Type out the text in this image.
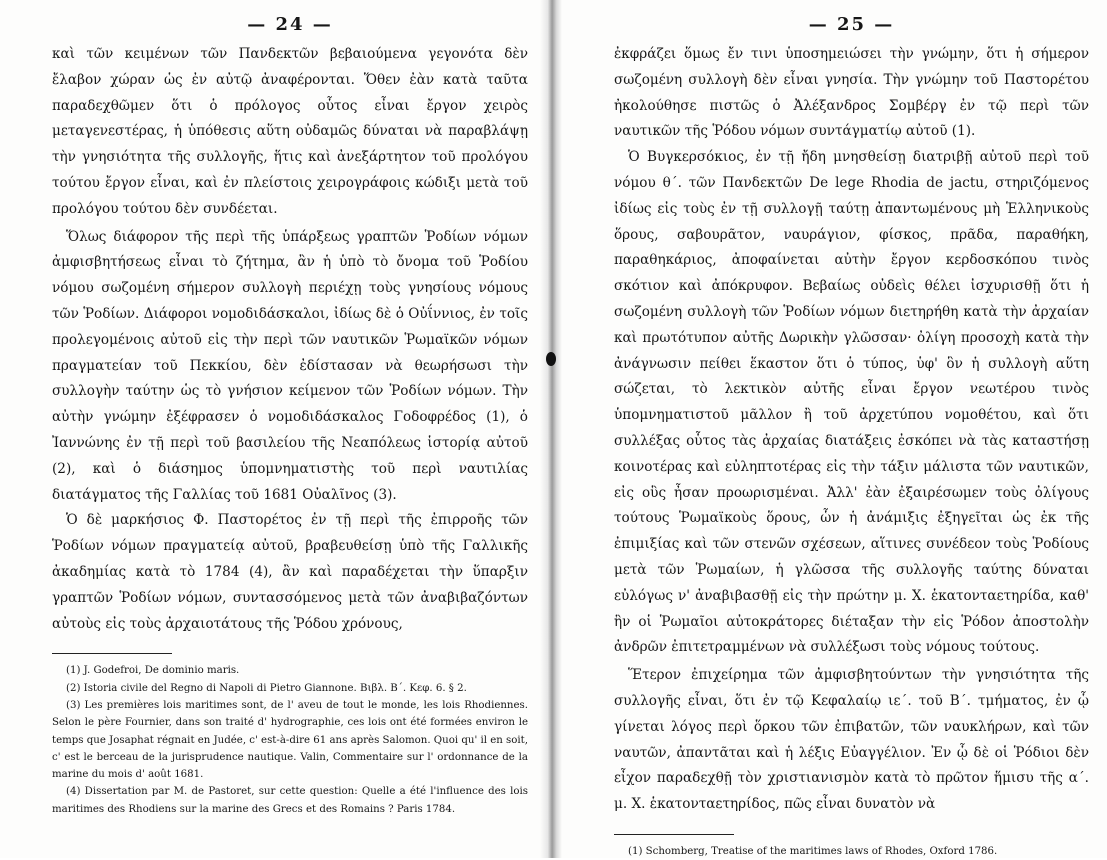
— 24 —

καὶ τῶν κειμένων τῶν Πανδεκτῶν βεβαιούμενα γεγονότα δὲν ἔλαβον χώραν ὡς ἐν αὐτῷ ἀναφέρονται. Ὅθεν ἐὰν κατὰ ταῦτα παραδεχθῶμεν ὅτι ὁ πρόλογος οὗτος εἶναι ἔργον χειρὸς μεταγενεστέρας, ἡ ὑπόθεσις αὕτη οὐδαμῶς δύναται νὰ παραβλάψῃ τὴν γνησιότητα τῆς συλλογῆς, ἥτις καὶ ἀνεξάρτητον τοῦ προλόγου τούτου ἔργον εἶναι, καὶ ἐν πλείστοις χειρογράφοις κώδιξι μετὰ τοῦ προλόγου τούτου δὲν συνδέεται.

Ὅλως διάφορον τῆς περὶ τῆς ὑπάρξεως γραπτῶν Ῥοδίων νόμων ἀμφισβητήσεως εἶναι τὸ ζήτημα, ἂν ἡ ὑπὸ τὸ ὄνομα τοῦ Ῥοδίου νόμου σωζομένη σήμερον συλλογὴ περιέχῃ τοὺς γνησίους νόμους τῶν Ῥοδίων. Διάφοροι νομοδιδάσκαλοι, ἰδίως δὲ ὁ Οὐΐννιος, ἐν τοῖς προλεγομένοις αὐτοῦ εἰς τὴν περὶ τῶν ναυτικῶν Ῥωμαϊκῶν νόμων πραγματείαν τοῦ Πεκκίου, δὲν ἐδίστασαν νὰ θεωρήσωσι τὴν συλλογὴν ταύτην ὡς τὸ γνήσιον κείμενον τῶν Ῥοδίων νόμων. Τὴν αὐτὴν γνώμην ἐξέφρασεν ὁ νομοδιδάσκαλος Γοδοφρέδος (1), ὁ Ἰαννώνης ἐν τῇ περὶ τοῦ βασιλείου τῆς Νεαπόλεως ἱστορίᾳ αὐτοῦ (2), καὶ ὁ διάσημος ὑπομνηματιστὴς τοῦ περὶ ναυτιλίας διατάγματος τῆς Γαλλίας τοῦ 1681 Οὐαλῖνος (3).

Ὁ δὲ μαρκήσιος Φ. Παστορέτος ἐν τῇ περὶ τῆς ἐπιρροῆς τῶν Ῥοδίων νόμων πραγματείᾳ αὐτοῦ, βραβευθείσῃ ὑπὸ τῆς Γαλλικῆς ἀκαδημίας κατὰ τὸ 1784 (4), ἂν καὶ παραδέχεται τὴν ὕπαρξιν γραπτῶν Ῥοδίων νόμων, συντασσόμενος μετὰ τῶν ἀναβιβαζόντων αὐτοὺς εἰς τοὺς ἀρχαιοτάτους τῆς Ῥόδου χρόνους,

(1) J. Godefroi, De dominio maris.

(2) Istoria civile del Regno di Napoli di Pietro Giannone. Βιβλ. Β΄. Κεφ. 6. § 2.

(3) Les premières lois maritimes sont, de l' aveu de tout le monde, les lois Rhodiennes. Selon le père Fournier, dans son traité d' hydrographie, ces lois ont été formées environ le temps que Josaphat régnait en Judée, c' est-à-dire 61 ans après Salomon. Quoi qu' il en soit, c' est le berceau de la jurisprudence nautique. Valin, Commentaire sur l' ordonnance de la marine du mois d' août 1681.

(4) Dissertation par M. de Pastoret, sur cette question: Quelle a été l'influence des lois maritimes des Rhodiens sur la marine des Grecs et des Romains ? Paris 1784.

— 25 —

ἐκφράζει ὅμως ἔν τινι ὑποσημειώσει τὴν γνώμην, ὅτι ἡ σήμερον σωζομένη συλλογὴ δὲν εἶναι γνησία. Τὴν γνώμην τοῦ Παστορέτου ἠκολούθησε πιστῶς ὁ Ἀλέξανδρος Σομβέργ ἐν τῷ περὶ τῶν ναυτικῶν τῆς Ῥόδου νόμων συντάγματίῳ αὐτοῦ (1).

Ὁ Βυγκερσόκιος, ἐν τῇ ἤδη μνησθείσῃ διατριβῇ αὐτοῦ περὶ τοῦ νόμου θ΄. τῶν Πανδεκτῶν De lege Rhodia de jactu, στηριζόμενος ἰδίως εἰς τοὺς ἐν τῇ συλλογῇ ταύτῃ ἀπαντωμένους μὴ Ἑλληνικοὺς ὅρους, σαβουρᾶτον, ναυράγιον, φίσκος, πρᾶδα, παραθήκη, παραθηκάριος, ἀποφαίνεται αὐτὴν ἔργον κερδοσκόπου τινὸς σκότιον καὶ ἀπόκρυφον. Βεβαίως οὐδεὶς θέλει ἰσχυρισθῇ ὅτι ἡ σωζομένη συλλογὴ τῶν Ῥοδίων νόμων διετηρήθη κατὰ τὴν ἀρχαίαν καὶ πρωτότυπον αὐτῆς Δωρικὴν γλῶσσαν· ὀλίγη προσοχὴ κατὰ τὴν ἀνάγνωσιν πείθει ἕκαστον ὅτι ὁ τύπος, ὑφ' ὃν ἡ συλλογὴ αὕτη σώζεται, τὸ λεκτικὸν αὐτῆς εἶναι ἔργον νεωτέρου τινὸς ὑπομνηματιστοῦ μᾶλλον ἢ τοῦ ἀρχετύπου νομοθέτου, καὶ ὅτι συλλέξας οὗτος τὰς ἀρχαίας διατάξεις ἐσκόπει νὰ τὰς καταστήσῃ κοινοτέρας καὶ εὐληπτοτέρας εἰς τὴν τάξιν μάλιστα τῶν ναυτικῶν, εἰς οὓς ἦσαν προωρισμέναι. Ἀλλ' ἐὰν ἐξαιρέσωμεν τοὺς ὀλίγους τούτους Ῥωμαϊκοὺς ὅρους, ὧν ἡ ἀνάμιξις ἐξηγεῖται ὡς ἐκ τῆς ἐπιμιξίας καὶ τῶν στενῶν σχέσεων, αἵτινες συνέδεον τοὺς Ῥοδίους μετὰ τῶν Ῥωμαίων, ἡ γλῶσσα τῆς συλλογῆς ταύτης δύναται εὐλόγως ν' ἀναβιβασθῇ εἰς τὴν πρώτην μ. Χ. ἑκατονταετηρίδα, καθ' ἣν οἱ Ῥωμαῖοι αὐτοκράτορες διέταξαν τὴν εἰς Ῥόδον ἀποστολὴν ἀνδρῶν ἐπιτετραμμένων νὰ συλλέξωσι τοὺς νόμους τούτους.

Ἕτερον ἐπιχείρημα τῶν ἀμφισβητούντων τὴν γνησιότητα τῆς συλλογῆς εἶναι, ὅτι ἐν τῷ Κεφαλαίῳ ιε΄. τοῦ Β΄. τμήματος, ἐν ᾧ γίνεται λόγος περὶ ὅρκου τῶν ἐπιβατῶν, τῶν ναυκλήρων, καὶ τῶν ναυτῶν, ἀπαντᾶται καὶ ἡ λέξις Εὐαγγέλιον. Ἐν ᾧ δὲ οἱ Ῥόδιοι δὲν εἶχον παραδεχθῇ τὸν χριστιανισμὸν κατὰ τὸ πρῶτον ἥμισυ τῆς α΄. μ. Χ. ἑκατονταετηρίδος, πῶς εἶναι δυνατὸν νὰ

(1) Schomberg, Treatise of the maritimes laws of Rhodes, Oxford 1786.
